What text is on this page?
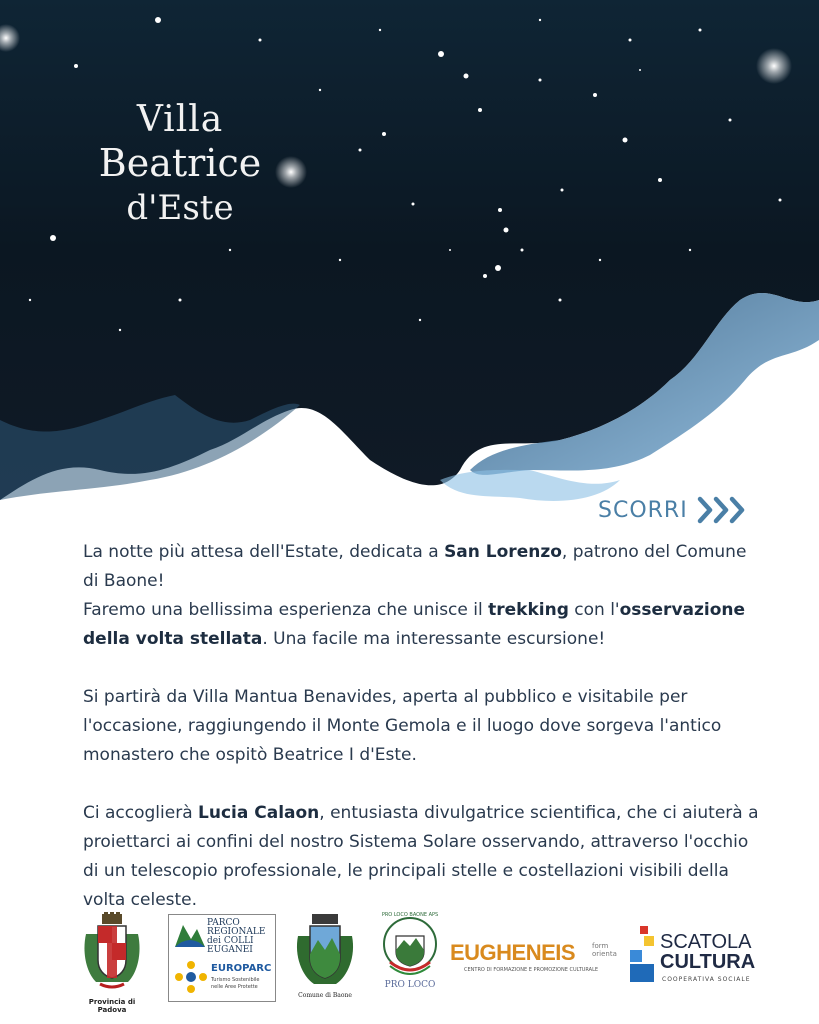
Villa
Beatrice
d'Este
SCORRI

La notte più attesa dell'Estate, dedicata a San Lorenzo, patrono del Comune di Baone!
Faremo una bellissima esperienza che unisce il trekking con l'osservazione della volta stellata. Una facile ma interessante escursione!

Si partirà da Villa Mantua Benavides, aperta al pubblico e visitabile per l'occasione, raggiungendo il Monte Gemola e il luogo dove sorgeva l'antico monastero che ospitò Beatrice I d'Este.

Ci accoglierà Lucia Calaon, entusiasta divulgatrice scientifica, che ci aiuterà a proiettarci ai confini del nostro Sistema Solare osservando, attraverso l'occhio di un telescopio professionale, le principali stelle e costellazioni visibili della volta celeste.

Provincia di Padova
PARCO
REGIONALE
dei COLLI
EUGANEI
EUROPARC
Turismo Sostenibile
nelle Aree Protette
Comune di Baone
PRO LOCO BAONE APS
PRO LOCO
EUGHENEIS form
orienta
CENTRO DI FORMAZIONE E PROMOZIONE CULTURALE
SCATOLA
CULTURA
COOPERATIVA SOCIALE
